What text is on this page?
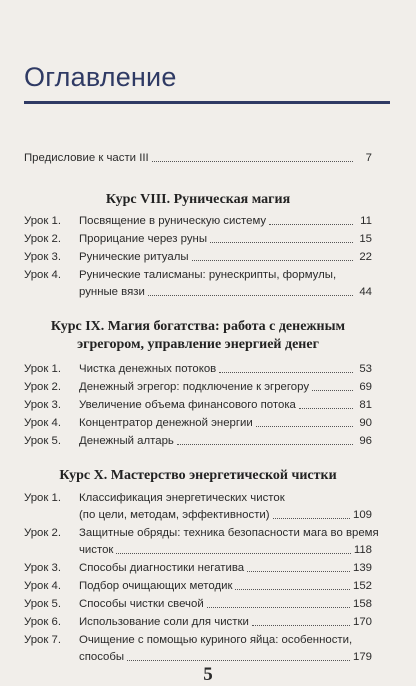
Оглавление
Предисловие к части III	7
Курс VIII. Руническая магия
Урок 1.	Посвящение в руническую систему	11
Урок 2.	Прорицание через руны	15
Урок 3.	Рунические ритуалы	22
Урок 4.	Рунические талисманы: рунескрипты, формулы,
рунные вязи	44
Курс IX. Магия богатства: работа с денежным
эгрегором, управление энергией денег
Урок 1.	Чистка денежных потоков	53
Урок 2.	Денежный эгрегор: подключение к эгрегору	69
Урок 3.	Увеличение объема финансового потока	81
Урок 4.	Концентратор денежной энергии	90
Урок 5.	Денежный алтарь	96
Курс X. Мастерство энергетической чистки
Урок 1.	Классификация энергетических чисток
(по цели, методам, эффективности)	109
Урок 2.	Защитные обряды: техника безопасности мага во время
чисток	118
Урок 3.	Способы диагностики негатива	139
Урок 4.	Подбор очищающих методик	152
Урок 5.	Способы чистки свечой	158
Урок 6.	Использование соли для чистки	170
Урок 7.	Очищение с помощью куриного яйца: особенности,
способы	179
5
